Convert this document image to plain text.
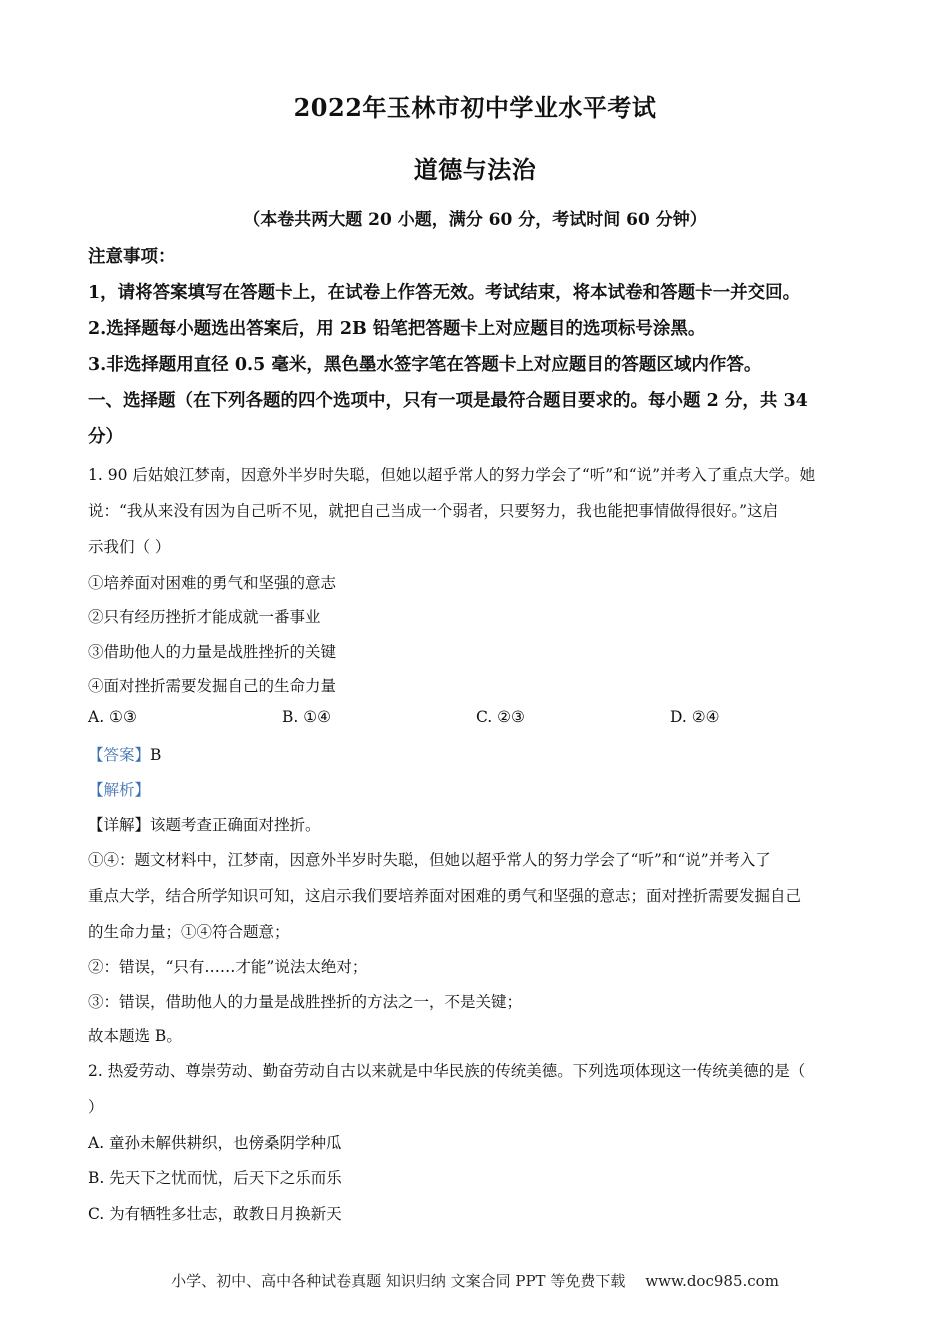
2022年玉林市初中学业水平考试
道德与法治
（本卷共两大题 20 小题，满分 60 分，考试时间 60 分钟）
注意事项：
1，请将答案填写在答题卡上，在试卷上作答无效。考试结束，将本试卷和答题卡一并交回。
2.选择题每小题选出答案后，用 2B 铅笔把答题卡上对应题目的选项标号涂黑。
3.非选择题用直径 0.5 毫米，黑色墨水签字笔在答题卡上对应题目的答题区域内作答。
一、选择题（在下列各题的四个选项中，只有一项是最符合题目要求的。每小题 2 分，共 34
分）
1. 90 后姑娘江梦南，因意外半岁时失聪，但她以超乎常人的努力学会了“听”和“说”并考入了重点大学。她
说：“我从来没有因为自己听不见，就把自己当成一个弱者，只要努力，我也能把事情做得很好。”这启
示我们（ ）
①培养面对困难的勇气和坚强的意志
②只有经历挫折才能成就一番事业
③借助他人的力量是战胜挫折的关键
④面对挫折需要发掘自己的生命力量
A. ①③	B. ①④	C. ②③	D. ②④
【答案】B
【解析】
【详解】该题考查正确面对挫折。
①④：题文材料中，江梦南，因意外半岁时失聪，但她以超乎常人的努力学会了“听”和“说”并考入了
重点大学，结合所学知识可知，这启示我们要培养面对困难的勇气和坚强的意志；面对挫折需要发掘自己
的生命力量；①④符合题意；
②：错误，“只有……才能”说法太绝对；
③：错误，借助他人的力量是战胜挫折的方法之一，不是关键；
故本题选 B。
2. 热爱劳动、尊崇劳动、勤奋劳动自古以来就是中华民族的传统美德。下列选项体现这一传统美德的是（
）
A. 童孙未解供耕织，也傍桑阴学种瓜
B. 先天下之忧而忧，后天下之乐而乐
C. 为有牺牲多壮志，敢教日月换新天
小学、初中、高中各种试卷真题 知识归纳 文案合同 PPT 等免费下载 www.doc985.com
